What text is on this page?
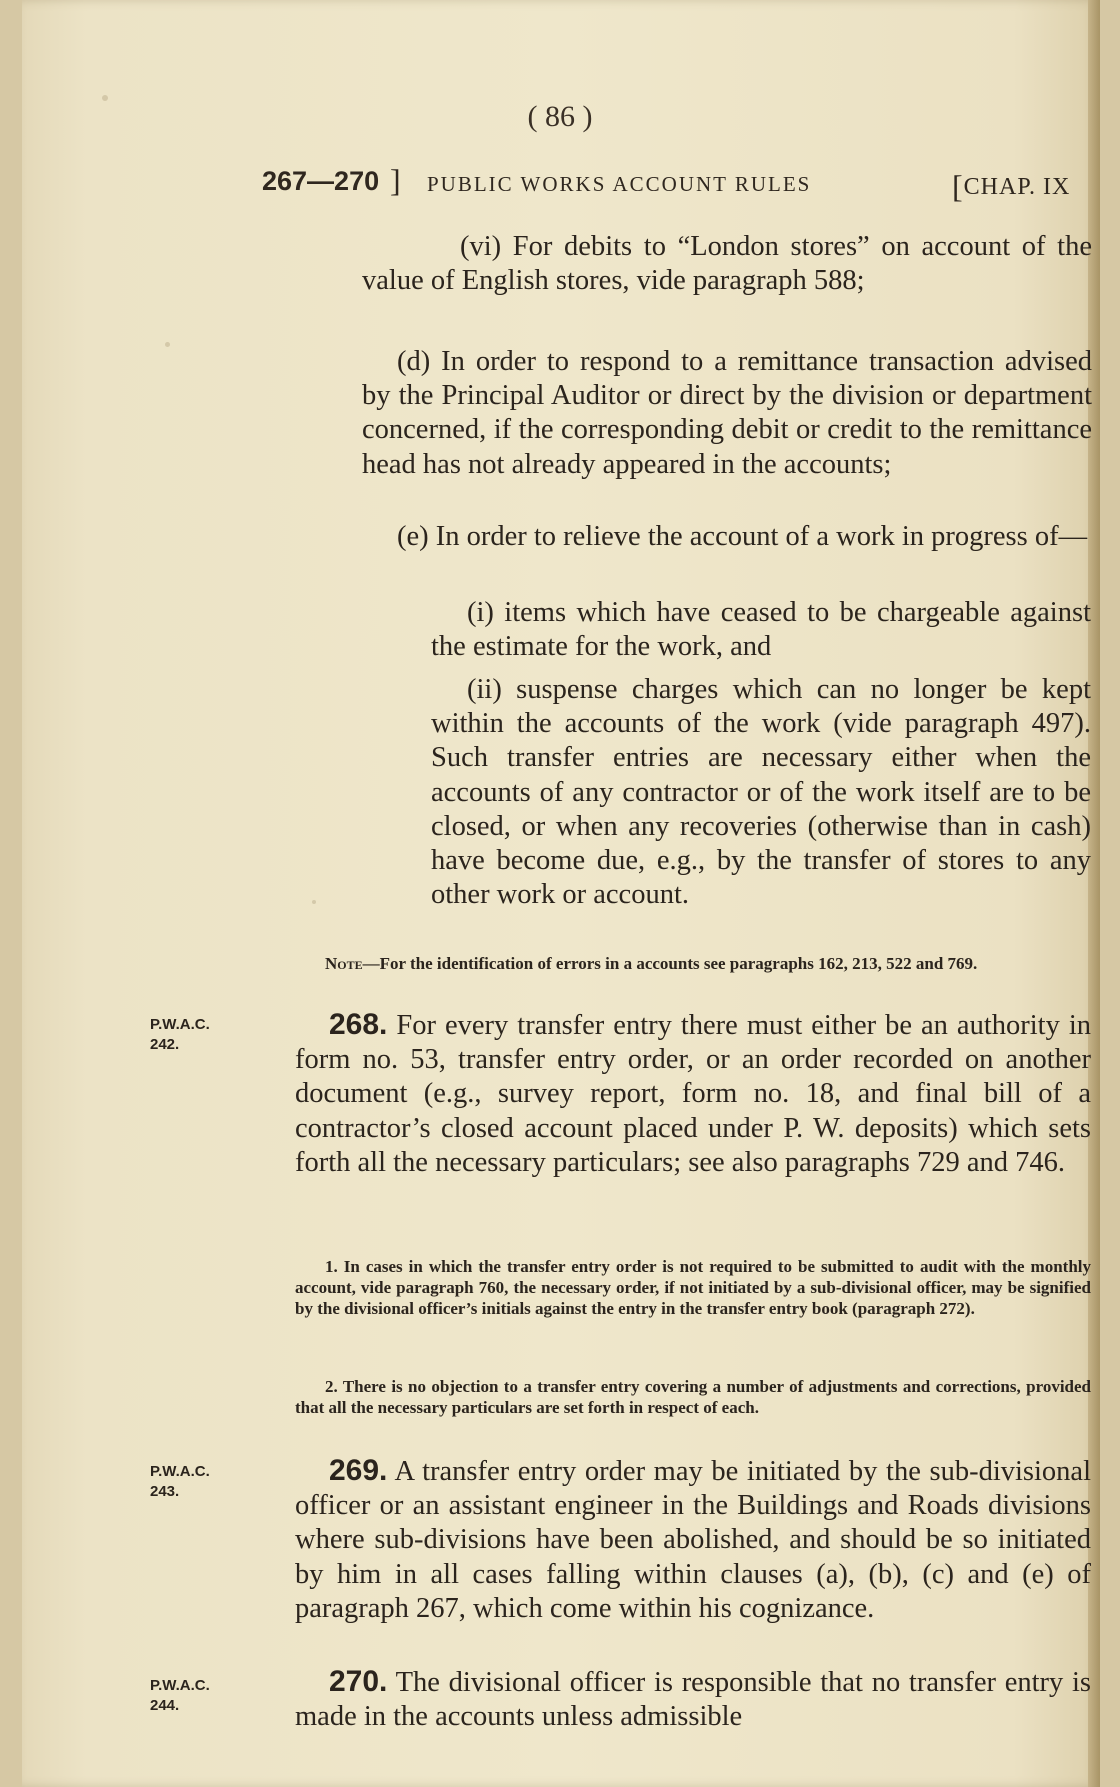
( 86 )
267—270 ] PUBLIC WORKS ACCOUNT RULES	[CHAP. IX

(vi) For debits to “London stores” on account of the value of English stores, vide paragraph 588;

(d) In order to respond to a remittance transaction advised by the Principal Auditor or direct by the division or department concerned, if the corresponding debit or credit to the remittance head has not already appeared in the accounts;

(e) In order to relieve the account of a work in progress of—

(i) items which have ceased to be chargeable against the estimate for the work, and

(ii) suspense charges which can no longer be kept within the accounts of the work (vide paragraph 497). Such transfer entries are necessary either when the accounts of any contractor or of the work itself are to be closed, or when any recoveries (otherwise than in cash) have become due, e.g., by the transfer of stores to any other work or account.

Note—For the identification of errors in a accounts see paragraphs 162, 213, 522 and 769.

P.W.A.C.
242.

268. For every transfer entry there must either be an authority in form no. 53, transfer entry order, or an order recorded on another document (e.g., survey report, form no. 18, and final bill of a contractor’s closed account placed under P. W. deposits) which sets forth all the necessary particulars; see also paragraphs 729 and 746.

1. In cases in which the transfer entry order is not required to be submitted to audit with the monthly account, vide paragraph 760, the necessary order, if not initiated by a sub-divisional officer, may be signified by the divisional officer’s initials against the entry in the transfer entry book (paragraph 272).

2. There is no objection to a transfer entry covering a number of adjustments and corrections, provided that all the necessary particulars are set forth in respect of each.

P.W.A.C.
243.

269. A transfer entry order may be initiated by the sub-divisional officer or an assistant engineer in the Buildings and Roads divisions where sub-divisions have been abolished, and should be so initiated by him in all cases falling within clauses (a), (b), (c) and (e) of paragraph 267, which come within his cognizance.

P.W.A.C.
244.

270. The divisional officer is responsible that no transfer entry is made in the accounts unless admissible
